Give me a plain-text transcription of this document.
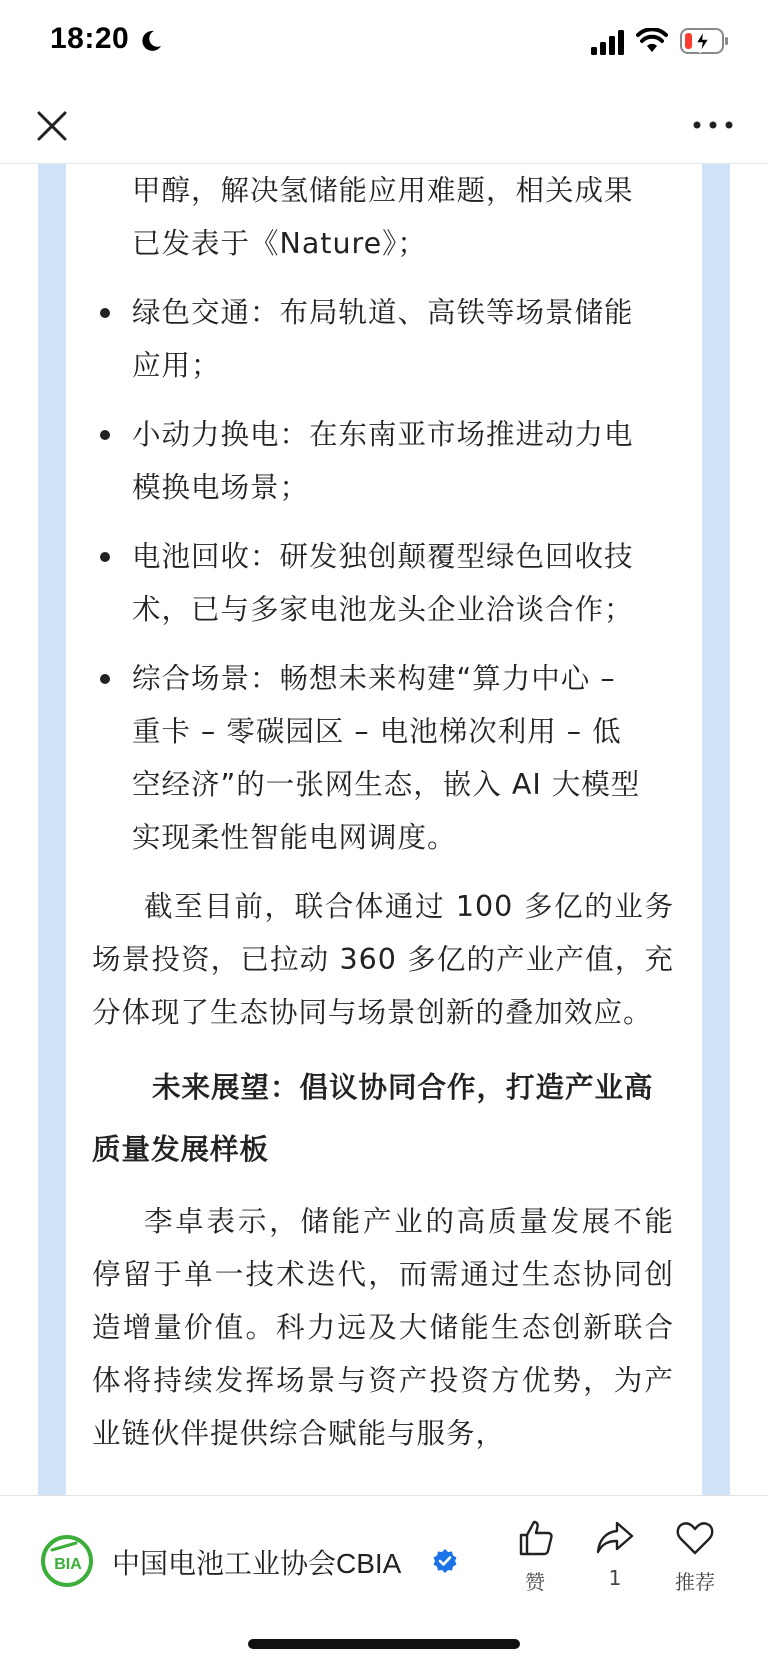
18:20
甲醇，解决氢储能应用难题，相关成果
已发表于《Nature》；
绿色交通：布局轨道、高铁等场景储能
应用；
小动力换电：在东南亚市场推进动力电
模换电场景；
电池回收：研发独创颠覆型绿色回收技
术，已与多家电池龙头企业洽谈合作；
综合场景：畅想未来构建“算力中心 –
重卡 – 零碳园区 – 电池梯次利用 – 低
空经济”的一张网生态，嵌入 AI 大模型
实现柔性智能电网调度。

截至目前，联合体通过 100 多亿的业务场景投资，已拉动 360 多亿的产业产值，充分体现了生态协同与场景创新的叠加效应。

未来展望：倡议协同合作，打造产业高质量发展样板

李卓表示，储能产业的高质量发展不能停留于单一技术迭代，而需通过生态协同创造增量价值。科力远及大储能生态创新联合体将持续发挥场景与资产投资方优势，为产业链伙伴提供综合赋能与服务，

BIA 中国电池工业协会CBIA
赞	1	推荐
